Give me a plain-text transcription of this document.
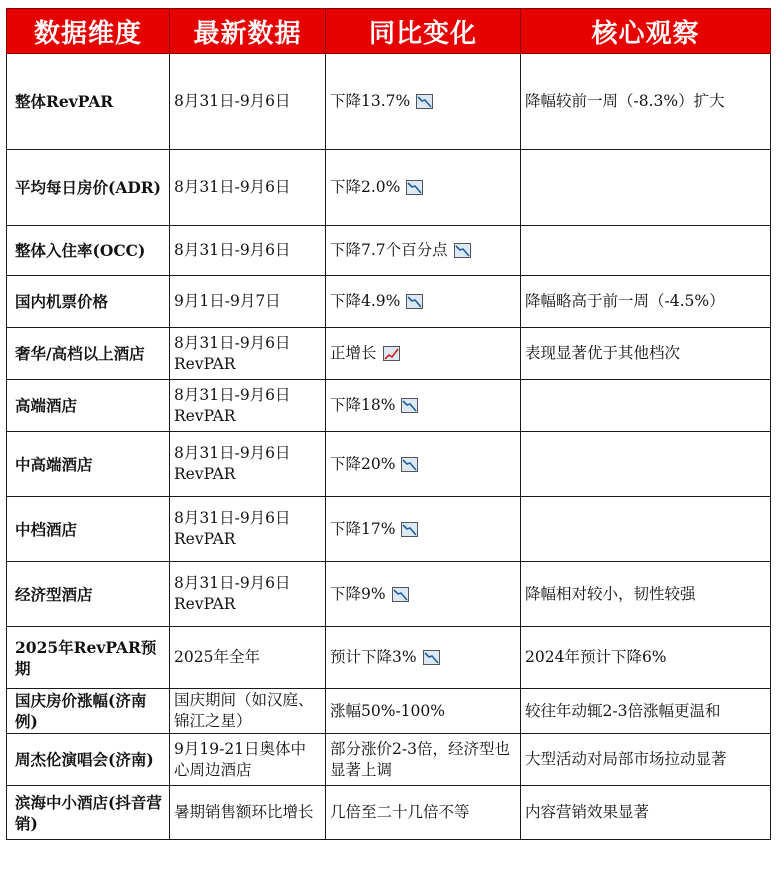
数据维度	最新数据	同比变化	核心观察
整体RevPAR	8月31日-9月6日	下降13.7%	降幅较前一周（-8.3%）扩大
平均每日房价(ADR)	8月31日-9月6日	下降2.0%

整体入住率(OCC)	8月31日-9月6日	下降7.7个百分点

国内机票价格	9月1日-9月7日	下降4.9%	降幅略高于前一周（-4.5%）
奢华/高档以上酒店	8月31日-9月6日RevPAR	正增长	表现显著优于其他档次
高端酒店	8月31日-9月6日RevPAR	下降18%

中高端酒店	8月31日-9月6日RevPAR	下降20%

中档酒店	8月31日-9月6日RevPAR	下降17%

经济型酒店	8月31日-9月6日RevPAR	下降9%	降幅相对较小，韧性较强
2025年RevPAR预期	2025年全年	预计下降3%	2024年预计下降6%
国庆房价涨幅(济南例)	国庆期间（如汉庭、锦江之星）	涨幅50%-100%	较往年动辄2-3倍涨幅更温和
周杰伦演唱会(济南)	9月19-21日奥体中心周边酒店	部分涨价2-3倍，经济型也显著上调	大型活动对局部市场拉动显著
滨海中小酒店(抖音营销)	暑期销售额环比增长	几倍至二十几倍不等	内容营销效果显著
